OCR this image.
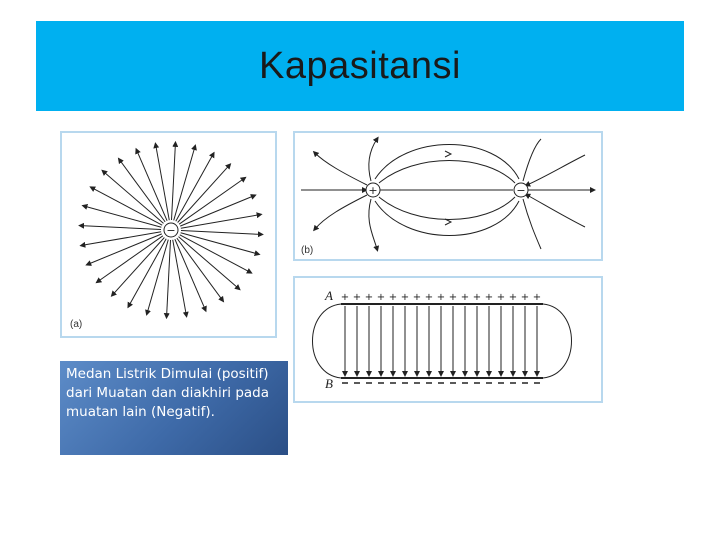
Kapasitansi
−
(a)
+	−
(b)
A
B
+ + + + + + + + + + + + + + + + +
Medan Listrik Dimulai (positif) dari Muatan dan diakhiri pada muatan lain (Negatif).
